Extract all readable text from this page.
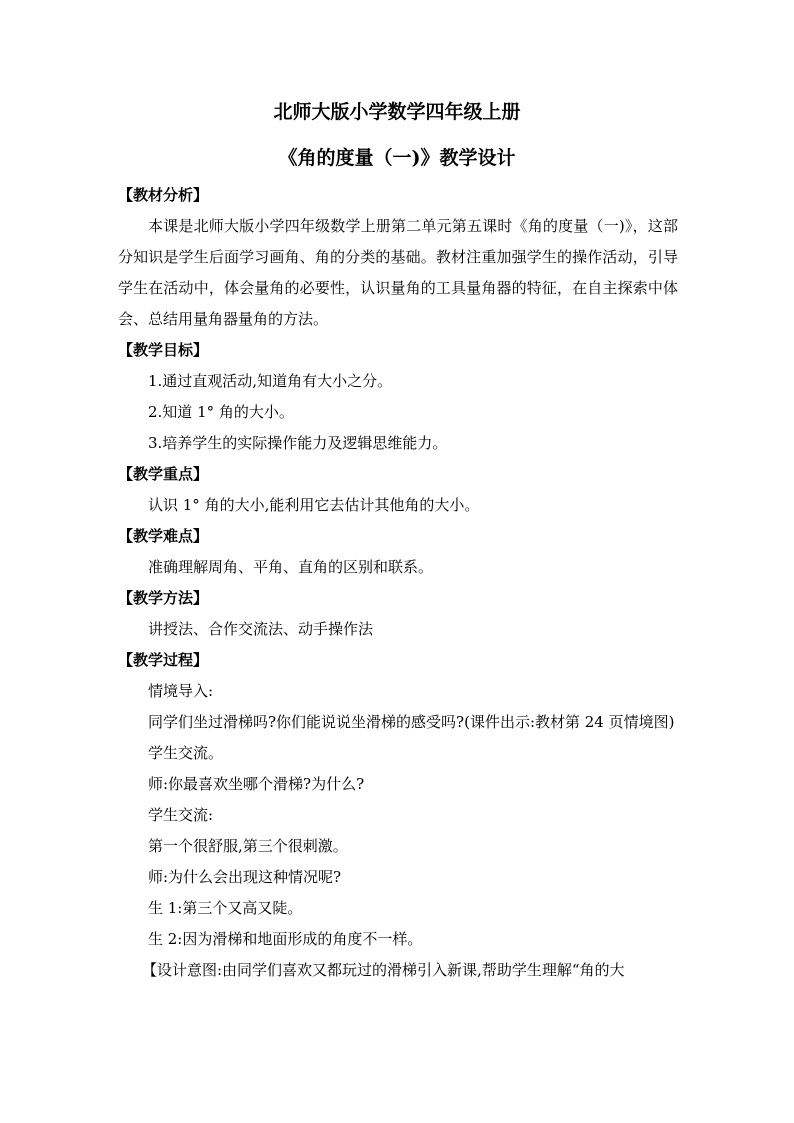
北师大版小学数学四年级上册
《角的度量（一)》教学设计
【教材分析】
本课是北师大版小学四年级数学上册第二单元第五课时《角的度量（一)》，这部分知识是学生后面学习画角、角的分类的基础。教材注重加强学生的操作活动，引导学生在活动中，体会量角的必要性，认识量角的工具量角器的特征，在自主探索中体会、总结用量角器量角的方法。
【教学目标】
1.通过直观活动,知道角有大小之分。
2.知道 1° 角的大小。
3.培养学生的实际操作能力及逻辑思维能力。
【教学重点】
认识 1° 角的大小,能利用它去估计其他角的大小。
【教学难点】
准确理解周角、平角、直角的区别和联系。
【教学方法】
讲授法、合作交流法、动手操作法
【教学过程】
情境导入:
同学们坐过滑梯吗?你们能说说坐滑梯的感受吗?(课件出示:教材第 24 页情境图)
学生交流。
师:你最喜欢坐哪个滑梯?为什么?
学生交流:
第一个很舒服,第三个很刺激。
师:为什么会出现这种情况呢?
生 1:第三个又高又陡。
生 2:因为滑梯和地面形成的角度不一样。
【设计意图:由同学们喜欢又都玩过的滑梯引入新课,帮助学生理解“角的大
